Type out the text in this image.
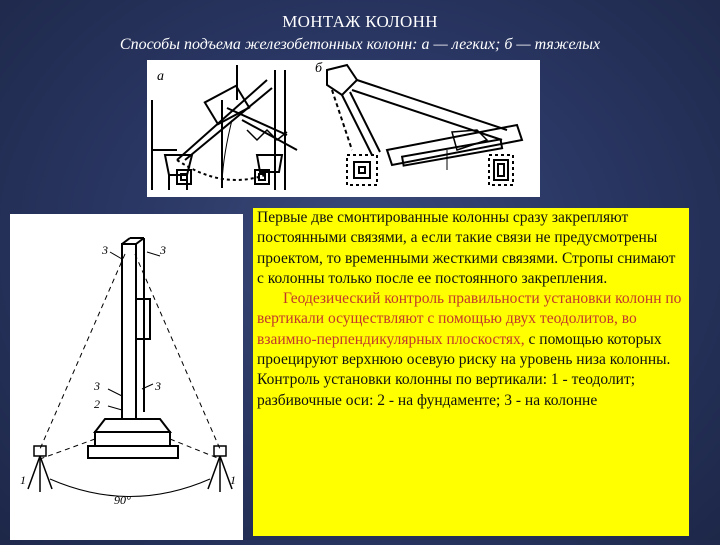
МОНТАЖ КОЛОНН
Способы подъема железобетонных колонн: а — легких; б — тяжелых
а
б
3	3
3	3
2
1	1
90°

Первые две смонтированные колонны сразу закрепляют постоянными связями, а если такие связи не предусмотрены проектом, то временными жесткими связями. Стропы снимают с колонны только после ее постоянного закрепления.

Геодезический контроль правильности установки колонн по вертикали осуществляют с помощью двух теодолитов, во взаимно-перпендикулярных плоскостях, с помощью которых проецируют верхнюю осевую риску на уровень низа колонны.

Контроль установки колонны по вертикали: 1 - теодолит; разбивочные оси: 2 - на фундаменте; 3 - на колонне
